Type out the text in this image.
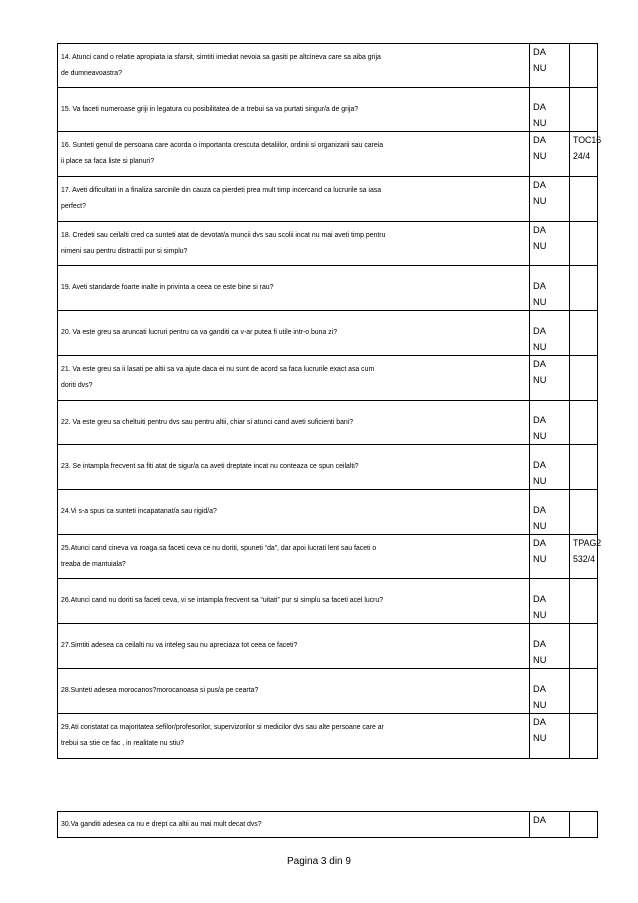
14. Atunci cand o relatie apropiata ia sfarsit, simtiti imediat nevoia sa gasiti pe altcineva care sa aiba grija
de dumneavoastra?	DA
NU	

15. Va faceti numeroase griji in legatura cu posibilitatea de a trebui sa va purtati singur/a de grija?	DA
NU	

16. Sunteti genul de persoana care acorda o importanta crescuta detaliilor, ordinii si organizarii sau careia
ii place sa faca liste si planuri?	DA
NU	TOC16
24/4

17. Aveti dificultati in a finaliza sarcinile din cauza ca pierdeti prea mult timp incercand ca lucrurile sa iasa
perfect?	DA
NU	

18. Credeti sau ceilalti cred ca sunteti atat de devotat/a muncii dvs sau scolii incat nu mai aveti timp pentru
nimeni sau pentru distractii pur si simplu?	DA
NU	

19. Aveti standarde foarte inalte in privinta a ceea ce este bine si rau?	DA
NU	

20. Va este greu sa aruncati lucruri pentru ca va ganditi ca v-ar putea fi utile intr-o buna zi?	DA
NU	

21. Va este greu sa ii lasati pe altii sa va ajute daca ei nu sunt de acord sa faca lucrurile exact asa cum
doriti dvs?	DA
NU	

22. Va este greu sa cheltuiti pentru dvs sau pentru altii, chiar si atunci cand aveti suficienti bani?	DA
NU	

23. Se intampla frecvent sa fiti atat de sigur/a ca aveti dreptate incat nu conteaza ce spun ceilalti?	DA
NU	

24.Vi s-a spus ca sunteti incapatanat/a sau rigid/a?	DA
NU	

25.Atunci cand cineva va roaga sa faceti ceva ce nu doriti, spuneti “da”, dar apoi lucrati lent sau faceti o
treaba de mantuiala?	DA
NU	TPAG2
532/4

26.Atunci cand nu doriti sa faceti ceva, vi se intampla frecvent sa “uitati” pur si simplu sa faceti acel lucru?	DA
NU	

27.Simtiti adesea ca ceilalti nu va inteleg sau nu apreciaza tot ceea ce faceti?	DA
NU	

28.Sunteti adesea morocanos?morocanoasa si pus/a pe cearta?	DA
NU	

29.Ati constatat ca majoritatea sefilor/profesorilor, supervizorilor si medicilor dvs sau alte persoane care ar
trebui sa stie ce fac , in realitate nu stiu?	DA
NU	

30.Va ganditi adesea ca nu e drept ca altii au mai mult decat dvs?	DA

Pagina 3 din 9
